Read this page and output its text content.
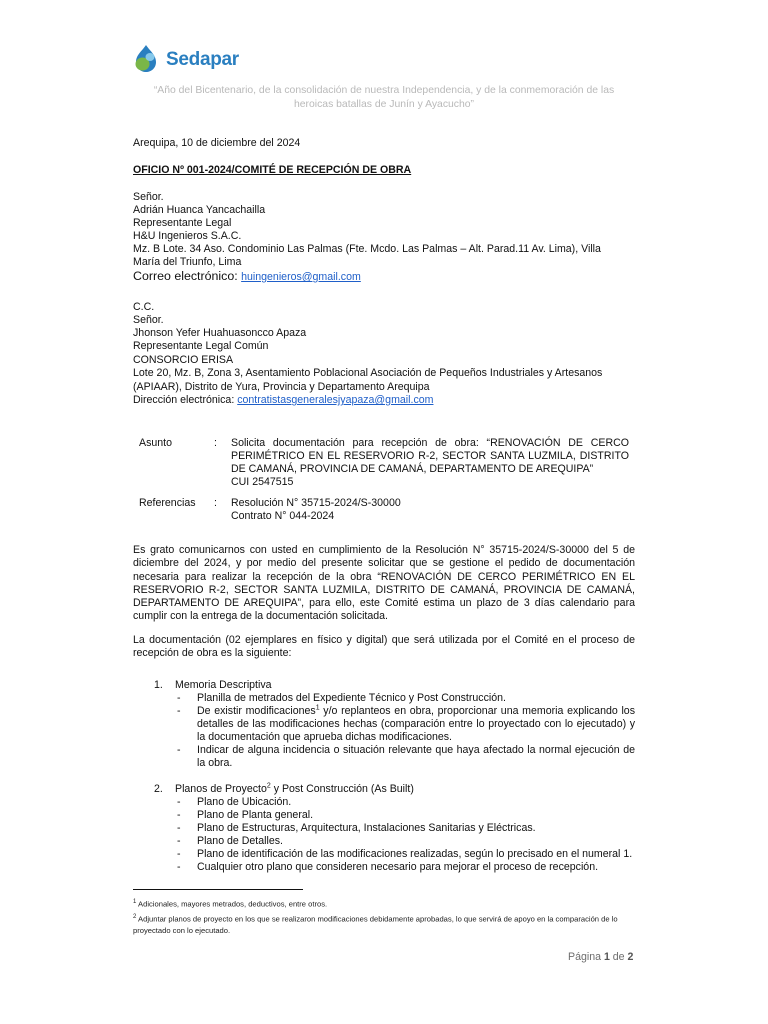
Sedapar
“Año del Bicentenario, de la consolidación de nuestra Independencia, y de la conmemoración de las heroicas batallas de Junín y Ayacucho”
Arequipa, 10 de diciembre del 2024
OFICIO Nº 001-2024/COMITÉ DE RECEPCIÓN DE OBRA
Señor.
Adrián Huanca Yancachailla
Representante Legal
H&U Ingenieros S.A.C.
Mz. B Lote. 34 Aso. Condominio Las Palmas (Fte. Mcdo. Las Palmas – Alt. Parad.11 Av. Lima), Villa
María del Triunfo, Lima
Correo electrónico: huingenieros@gmail.com
C.C.
Señor.
Jhonson Yefer Huahuasoncco Apaza
Representante Legal Común
CONSORCIO ERISA
Lote 20, Mz. B, Zona 3, Asentamiento Poblacional Asociación de Pequeños Industriales y Artesanos
(APIAAR), Distrito de Yura, Provincia y Departamento Arequipa
Dirección electrónica: contratistasgeneralesjyapaza@gmail.com
Asunto	: Solicita documentación para recepción de obra: “RENOVACIÓN DE CERCO PERIMÉTRICO EN EL RESERVORIO R-2, SECTOR SANTA LUZMILA, DISTRITO DE CAMANÁ, PROVINCIA DE CAMANÁ, DEPARTAMENTO DE AREQUIPA”
CUI 2547515
Referencias : Resolución N° 35715-2024/S-30000
Contrato N° 044-2024
Es grato comunicarnos con usted en cumplimiento de la Resolución N° 35715-2024/S-30000 del 5 de diciembre del 2024, y por medio del presente solicitar que se gestione el pedido de documentación necesaria para realizar la recepción de la obra “RENOVACIÓN DE CERCO PERIMÉTRICO EN EL RESERVORIO R-2, SECTOR SANTA LUZMILA, DISTRITO DE CAMANÁ, PROVINCIA DE CAMANÁ, DEPARTAMENTO DE AREQUIPA”, para ello, este Comité estima un plazo de 3 días calendario para cumplir con la entrega de la documentación solicitada.
La documentación (02 ejemplares en físico y digital) que será utilizada por el Comité en el proceso de recepción de obra es la siguiente:
1. Memoria Descriptiva
- Planilla de metrados del Expediente Técnico y Post Construcción.
- De existir modificaciones$^1$ y/o replanteos en obra, proporcionar una memoria explicando los detalles de las modificaciones hechas (comparación entre lo proyectado con lo ejecutado) y la documentación que aprueba dichas modificaciones.
- Indicar de alguna incidencia o situación relevante que haya afectado la normal ejecución de la obra.
2. Planos de Proyecto$^2$ y Post Construcción (As Built)
- Plano de Ubicación.
- Plano de Planta general.
- Plano de Estructuras, Arquitectura, Instalaciones Sanitarias y Eléctricas.
- Plano de Detalles.
- Plano de identificación de las modificaciones realizadas, según lo precisado en el numeral 1.
- Cualquier otro plano que consideren necesario para mejorar el proceso de recepción.
$^1$ Adicionales, mayores metrados, deductivos, entre otros.
$^2$ Adjuntar planos de proyecto en los que se realizaron modificaciones debidamente aprobadas, lo que servirá de apoyo en la comparación de lo proyectado con lo ejecutado.
Página 1 de 2
